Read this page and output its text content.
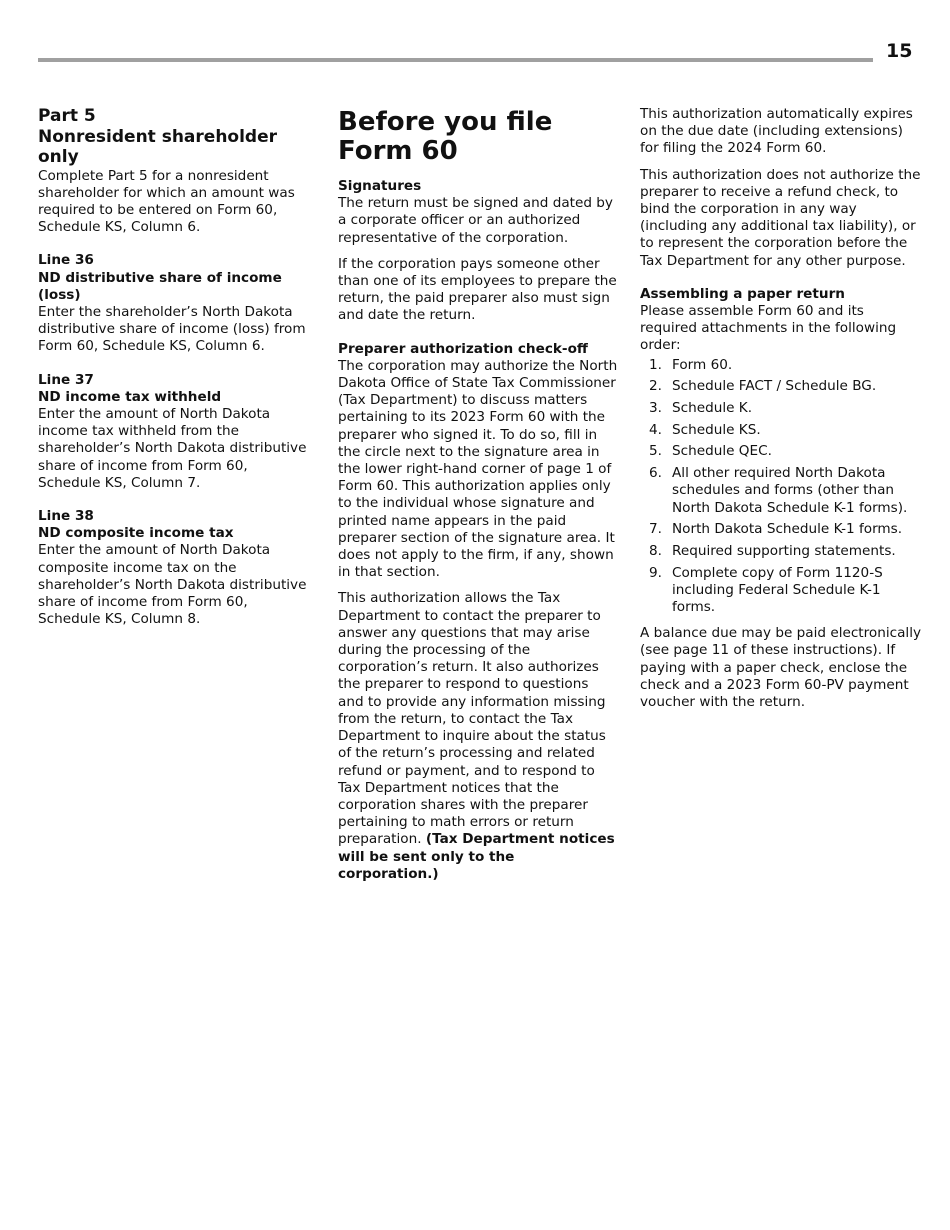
15

Part 5

Nonresident shareholder only

Complete Part 5 for a nonresident shareholder for which an amount was required to be entered on Form 60, Schedule KS, Column 6.

Line 36

ND distributive share of income (loss)

Enter the shareholder’s North Dakota distributive share of income (loss) from Form 60, Schedule KS, Column 6.

Line 37

ND income tax withheld

Enter the amount of North Dakota income tax withheld from the shareholder’s North Dakota distributive share of income from Form 60, Schedule KS, Column 7.

Line 38

ND composite income tax

Enter the amount of North Dakota composite income tax on the shareholder’s North Dakota distributive share of income from Form 60, Schedule KS, Column 8.

Before you file Form 60

Signatures

The return must be signed and dated by a corporate officer or an authorized representative of the corporation.

If the corporation pays someone other than one of its employees to prepare the return, the paid preparer also must sign and date the return.

Preparer authorization check-off

The corporation may authorize the North Dakota Office of State Tax Commissioner (Tax Department) to discuss matters pertaining to its 2023 Form 60 with the preparer who signed it. To do so, fill in the circle next to the signature area in the lower right-hand corner of page 1 of Form 60. This authorization applies only to the individual whose signature and printed name appears in the paid preparer section of the signature area. It does not apply to the firm, if any, shown in that section.

This authorization allows the Tax Department to contact the preparer to answer any questions that may arise during the processing of the corporation’s return. It also authorizes the preparer to respond to questions and to provide any information missing from the return, to contact the Tax Department to inquire about the status of the return’s processing and related refund or payment, and to respond to Tax Department notices that the corporation shares with the preparer pertaining to math errors or return preparation. (Tax Department notices will be sent only to the corporation.)

This authorization automatically expires on the due date (including extensions) for filing the 2024 Form 60.

This authorization does not authorize the preparer to receive a refund check, to bind the corporation in any way (including any additional tax liability), or to represent the corporation before the Tax Department for any other purpose.

Assembling a paper return

Please assemble Form 60 and its required attachments in the following order:

1. Form 60.
2. Schedule FACT / Schedule BG.
3. Schedule K.
4. Schedule KS.
5. Schedule QEC.
6. All other required North Dakota schedules and forms (other than North Dakota Schedule K-1 forms).
7. North Dakota Schedule K-1 forms.
8. Required supporting statements.
9. Complete copy of Form 1120-S including Federal Schedule K-1 forms.

A balance due may be paid electronically (see page 11 of these instructions). If paying with a paper check, enclose the check and a 2023 Form 60-PV payment voucher with the return.
